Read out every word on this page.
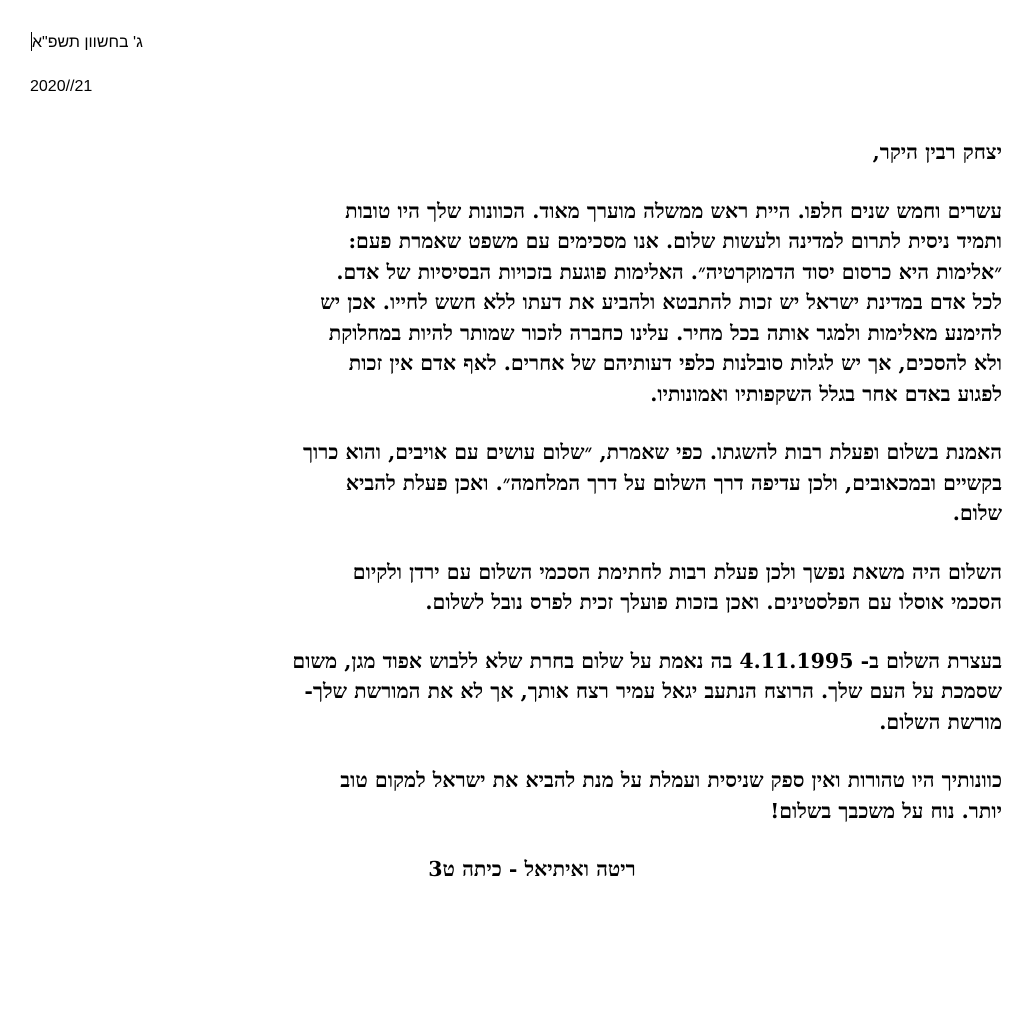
ג' בחשוון תשפ"א
2020//21
יצחק רבין היקר,
עשרים וחמש שנים חלפו. היית ראש ממשלה מוערך מאוד. הכוונות שלך היו טובות
ותמיד ניסית לתרום למדינה ולעשות שלום. אנו מסכימים עם משפט שאמרת פעם:
״אלימות היא כרסום יסוד הדמוקרטיה״. האלימות פוגעת בזכויות הבסיסיות של אדם.
לכל אדם במדינת ישראל יש זכות להתבטא ולהביע את דעתו ללא חשש לחייו. אכן יש
להימנע מאלימות ולמגר אותה בכל מחיר. עלינו כחברה לזכור שמותר להיות במחלוקת
ולא להסכים, אך יש לגלות סובלנות כלפי דעותיהם של אחרים. לאף אדם אין זכות
לפגוע באדם אחר בגלל השקפותיו ואמונותיו.
האמנת בשלום ופעלת רבות להשגתו. כפי שאמרת, ״שלום עושים עם אויבים, והוא כרוך
בקשיים ובמכאובים, ולכן עדיפה דרך השלום על דרך המלחמה״. ואכן פעלת להביא
שלום.
השלום היה משאת נפשך ולכן פעלת רבות לחתימת הסכמי השלום עם ירדן ולקיום
הסכמי אוסלו עם הפלסטינים. ואכן בזכות פועלך זכית לפרס נובל לשלום.
בעצרת השלום ב- 4.11.1995 בה נאמת על שלום בחרת שלא ללבוש אפוד מגן, משום
שסמכת על העם שלך. הרוצח הנתעב יגאל עמיר רצח אותך, אך לא את המורשת שלך-
מורשת השלום.
כוונותיך היו טהורות ואין ספק שניסית ועמלת על מנת להביא את ישראל למקום טוב
יותר. נוח על משכבך בשלום!
ריטה ואיתיאל - כיתה ט3
